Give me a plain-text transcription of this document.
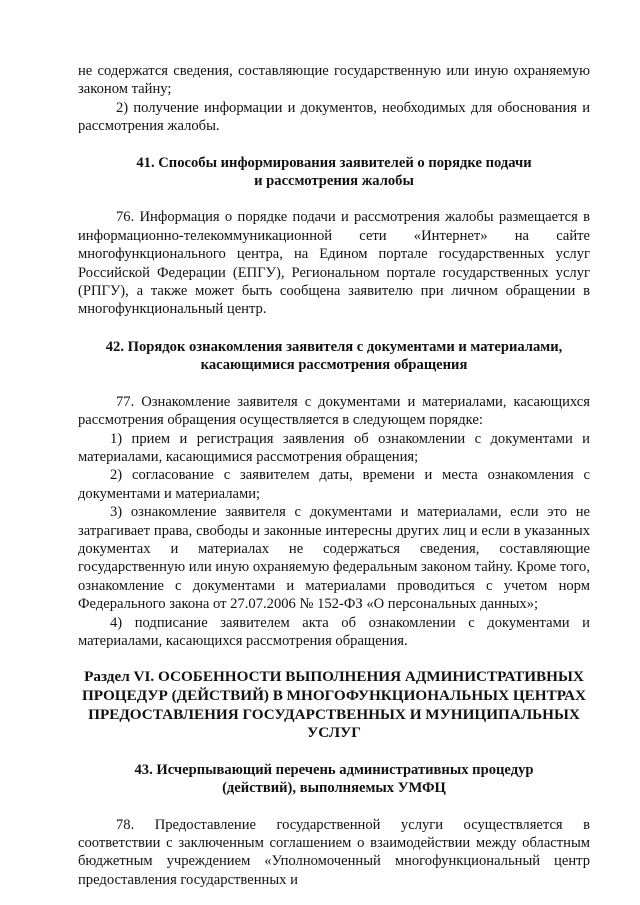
не содержатся сведения, составляющие государственную или иную охраняемую законом тайну;

2) получение информации и документов, необходимых для обоснования и рассмотрения жалобы.

41. Способы информирования заявителей о порядке подачи
и рассмотрения жалобы

76. Информация о порядке подачи и рассмотрения жалобы размещается в информационно-телекоммуникационной сети «Интернет» на сайте многофункционального центра, на Едином портале государственных услуг Российской Федерации (ЕПГУ), Региональном портале государственных услуг (РПГУ), а также может быть сообщена заявителю при личном обращении в многофункциональный центр.

42. Порядок ознакомления заявителя с документами и материалами,
касающимися рассмотрения обращения

77. Ознакомление заявителя с документами и материалами, касающихся рассмотрения обращения осуществляется в следующем порядке:

1) прием и регистрация заявления об ознакомлении с документами и материалами, касающимися рассмотрения обращения;

2) согласование с заявителем даты, времени и места ознакомления с документами и материалами;

3) ознакомление заявителя с документами и материалами, если это не затрагивает права, свободы и законные интересны других лиц и если в указанных документах и материалах не содержаться сведения, составляющие государственную или иную охраняемую федеральным законом тайну. Кроме того, ознакомление с документами и материалами проводиться с учетом норм Федерального закона от 27.07.2006 № 152-ФЗ «О персональных данных»;

4) подписание заявителем акта об ознакомлении с документами и материалами, касающихся рассмотрения обращения.

Раздел VI. ОСОБЕННОСТИ ВЫПОЛНЕНИЯ АДМИНИСТРАТИВНЫХ
ПРОЦЕДУР (ДЕЙСТВИЙ) В МНОГОФУНКЦИОНАЛЬНЫХ ЦЕНТРАХ
ПРЕДОСТАВЛЕНИЯ ГОСУДАРСТВЕННЫХ И МУНИЦИПАЛЬНЫХ
УСЛУГ
43. Исчерпывающий перечень административных процедур
(действий), выполняемых УМФЦ

78. Предоставление государственной услуги осуществляется в соответствии с заключенным соглашением о взаимодействии между областным бюджетным учреждением «Уполномоченный многофункциональный центр предоставления государственных и
